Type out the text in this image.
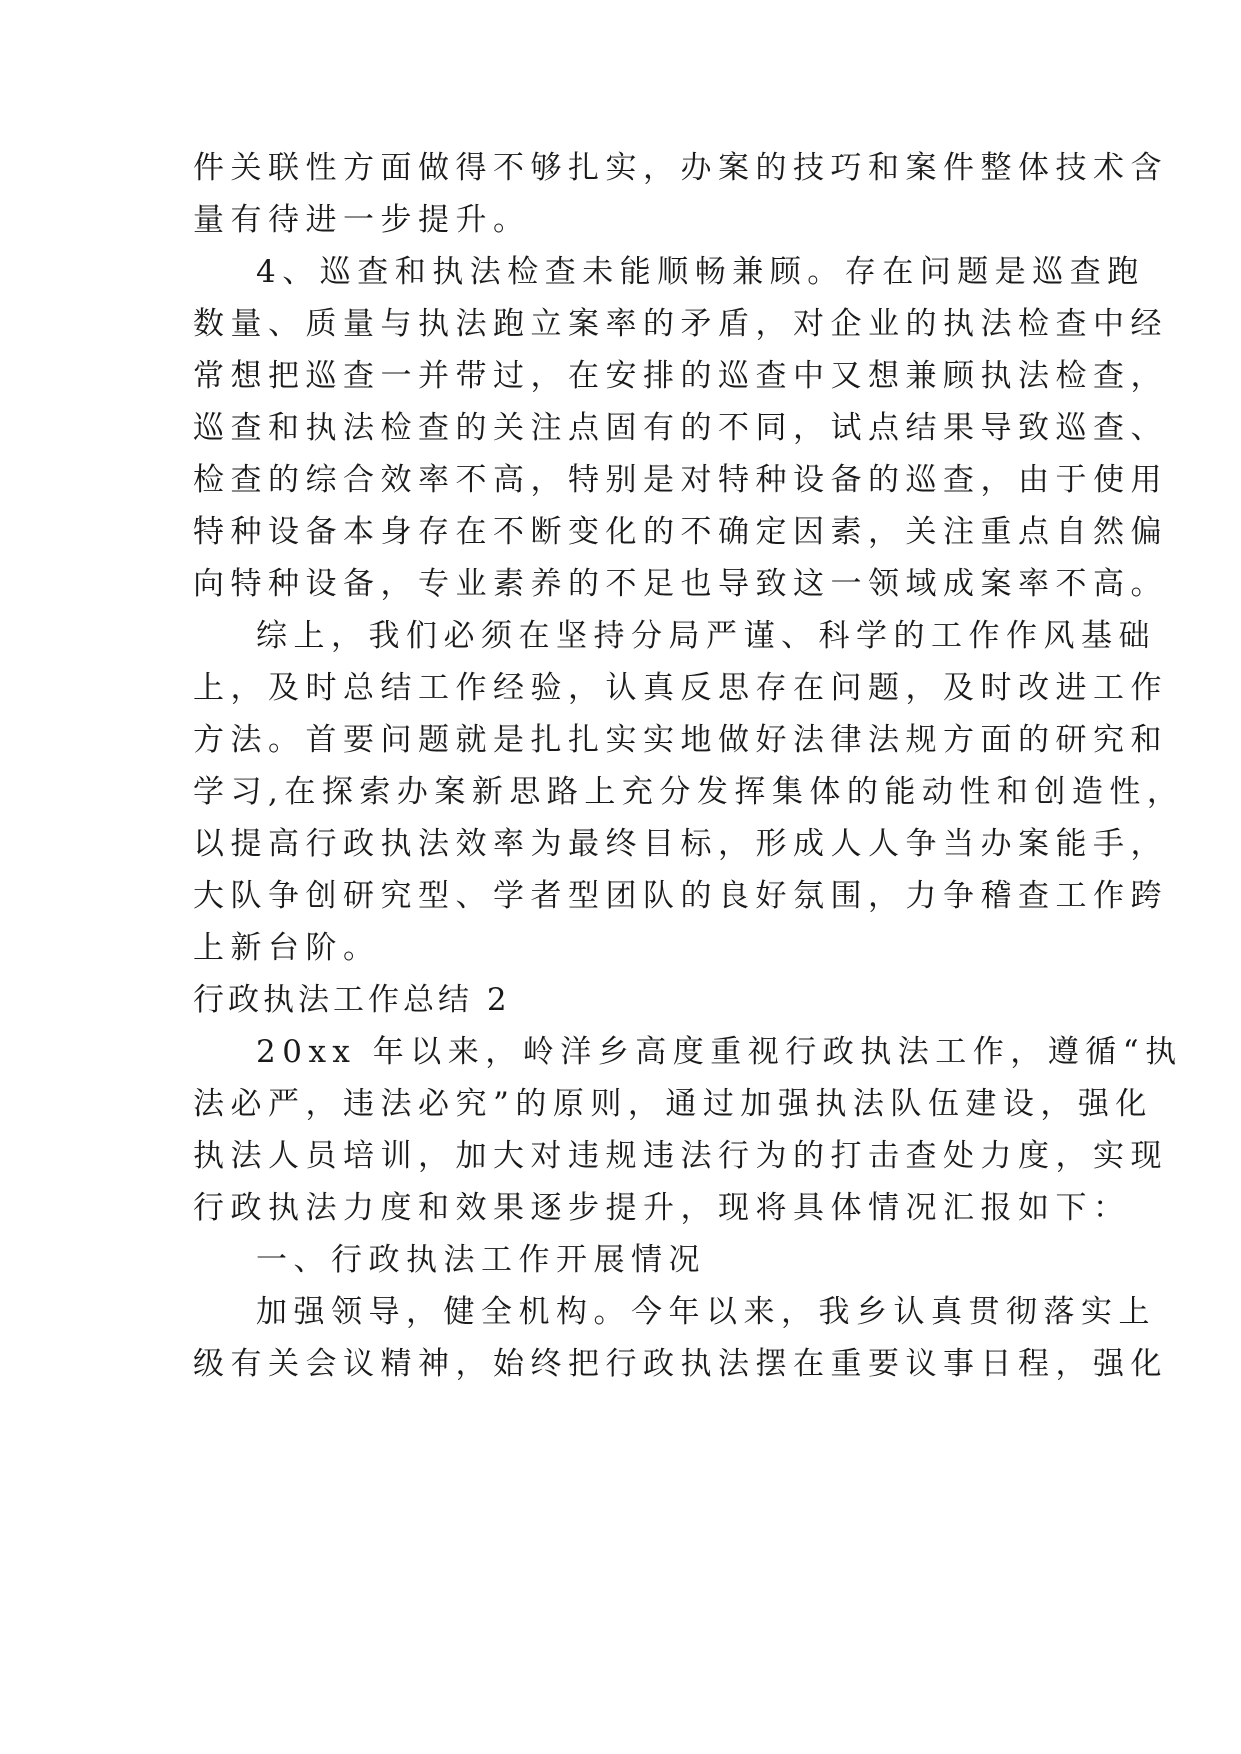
件关联性方面做得不够扎实，办案的技巧和案件整体技术含
量有待进一步提升。
4、巡查和执法检查未能顺畅兼顾。存在问题是巡查跑
数量、质量与执法跑立案率的矛盾，对企业的执法检查中经
常想把巡查一并带过，在安排的巡查中又想兼顾执法检查，
巡查和执法检查的关注点固有的不同，试点结果导致巡查、
检查的综合效率不高，特别是对特种设备的巡查，由于使用
特种设备本身存在不断变化的不确定因素，关注重点自然偏
向特种设备，专业素养的不足也导致这一领域成案率不高。
综上，我们必须在坚持分局严谨、科学的工作作风基础
上，及时总结工作经验，认真反思存在问题，及时改进工作
方法。首要问题就是扎扎实实地做好法律法规方面的研究和
学习,在探索办案新思路上充分发挥集体的能动性和创造性，
以提高行政执法效率为最终目标，形成人人争当办案能手，
大队争创研究型、学者型团队的良好氛围，力争稽查工作跨
上新台阶。
行政执法工作总结 2
20xx 年以来，岭洋乡高度重视行政执法工作，遵循“执
法必严，违法必究”的原则，通过加强执法队伍建设，强化
执法人员培训，加大对违规违法行为的打击查处力度，实现
行政执法力度和效果逐步提升，现将具体情况汇报如下：
一、行政执法工作开展情况
加强领导，健全机构。今年以来，我乡认真贯彻落实上
级有关会议精神，始终把行政执法摆在重要议事日程，强化
